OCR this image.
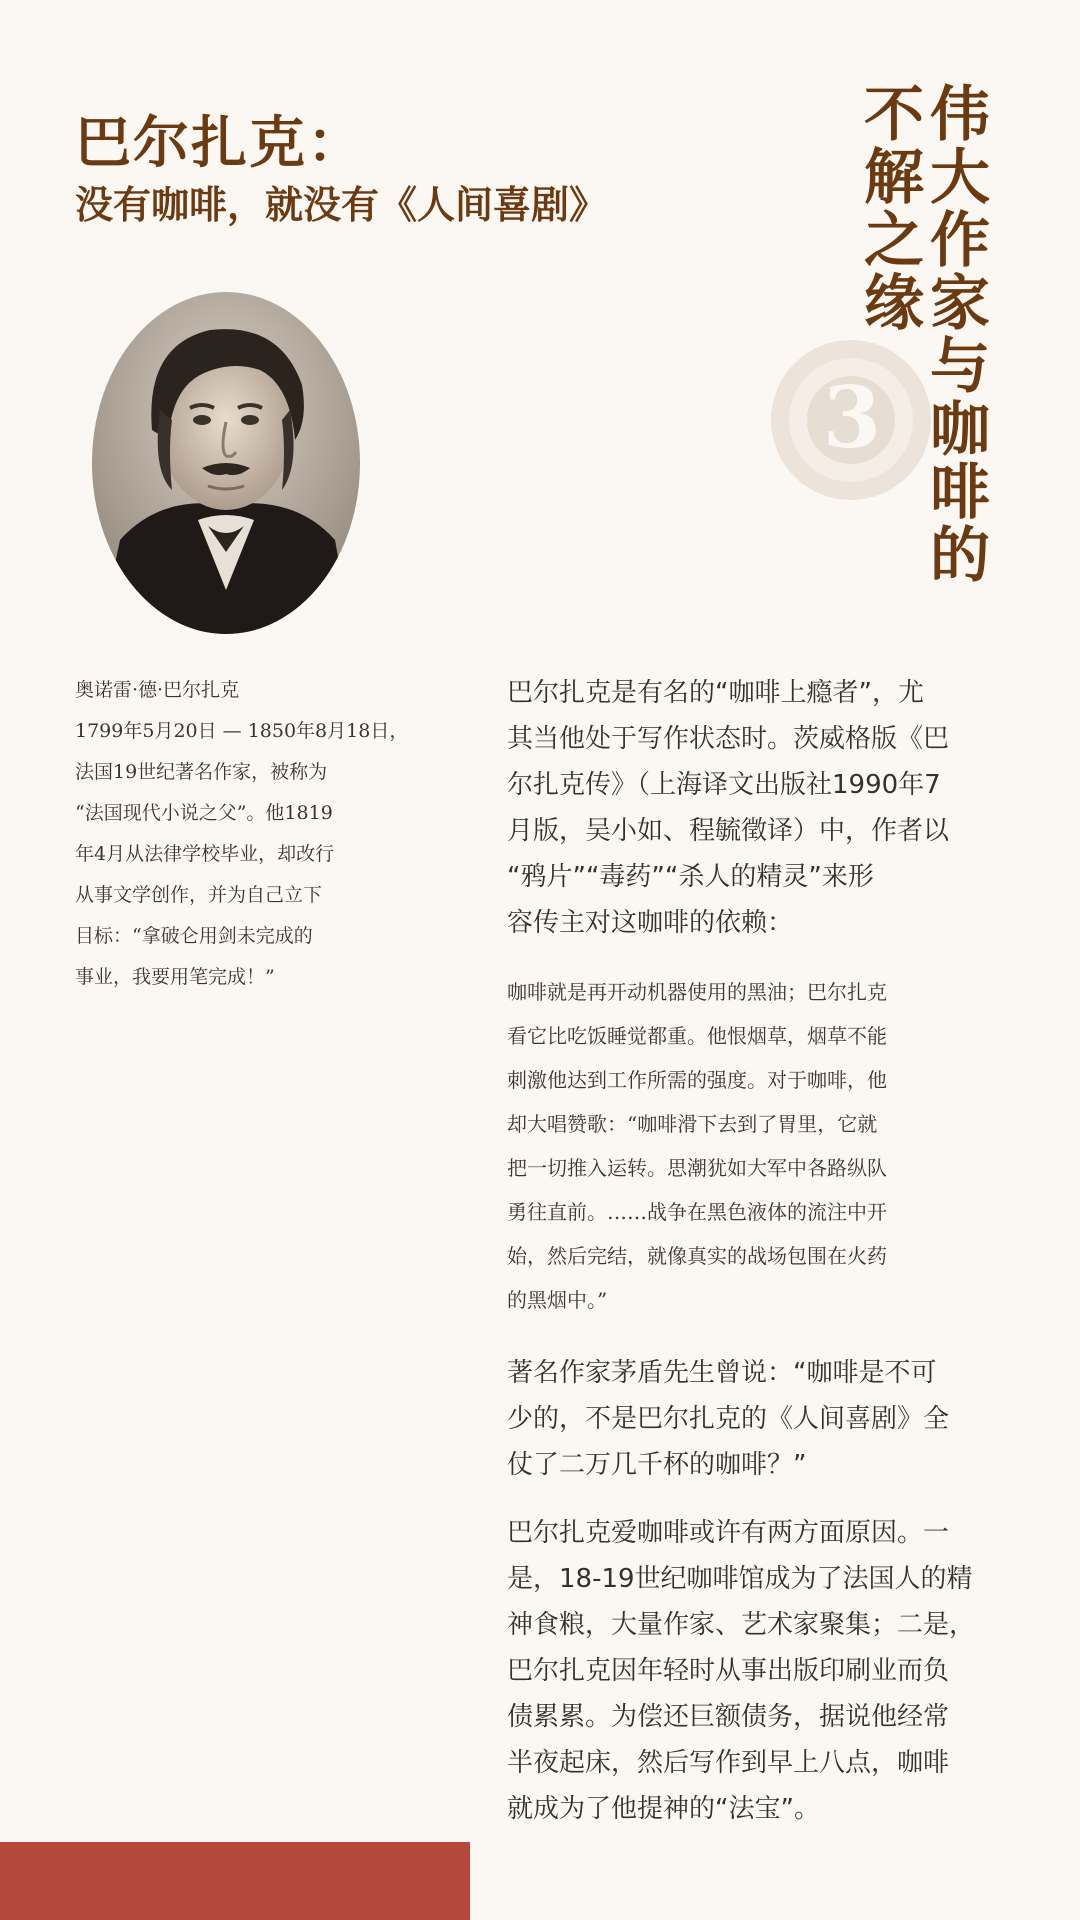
巴尔扎克：
没有咖啡，就没有《人间喜剧》
3 伟大作家与咖啡的
不解之缘

奥诺雷·德·巴尔扎克
1799年5月20日 — 1850年8月18日，
法国19世纪著名作家，被称为
“法国现代小说之父”。他1819
年4月从法律学校毕业，却改行
从事文学创作，并为自己立下
目标：“拿破仑用剑未完成的
事业，我要用笔完成！”

巴尔扎克是有名的“咖啡上瘾者”，尤
其当他处于写作状态时。茨威格版《巴
尔扎克传》（上海译文出版社1990年7
月版，吴小如、程毓徵译）中，作者以
“鸦片”“毒药”“杀人的精灵”来形
容传主对这咖啡的依赖：

咖啡就是再开动机器使用的黑油；巴尔扎克
看它比吃饭睡觉都重。他恨烟草，烟草不能
刺激他达到工作所需的强度。对于咖啡，他
却大唱赞歌：“咖啡滑下去到了胃里，它就
把一切推入运转。思潮犹如大军中各路纵队
勇往直前。……战争在黑色液体的流注中开
始，然后完结，就像真实的战场包围在火药
的黑烟中。”

著名作家茅盾先生曾说：“咖啡是不可
少的，不是巴尔扎克的《人间喜剧》全
仗了二万几千杯的咖啡？”

巴尔扎克爱咖啡或许有两方面原因。一
是，18-19世纪咖啡馆成为了法国人的精
神食粮，大量作家、艺术家聚集；二是，
巴尔扎克因年轻时从事出版印刷业而负
债累累。为偿还巨额债务，据说他经常
半夜起床，然后写作到早上八点，咖啡
就成为了他提神的“法宝”。
